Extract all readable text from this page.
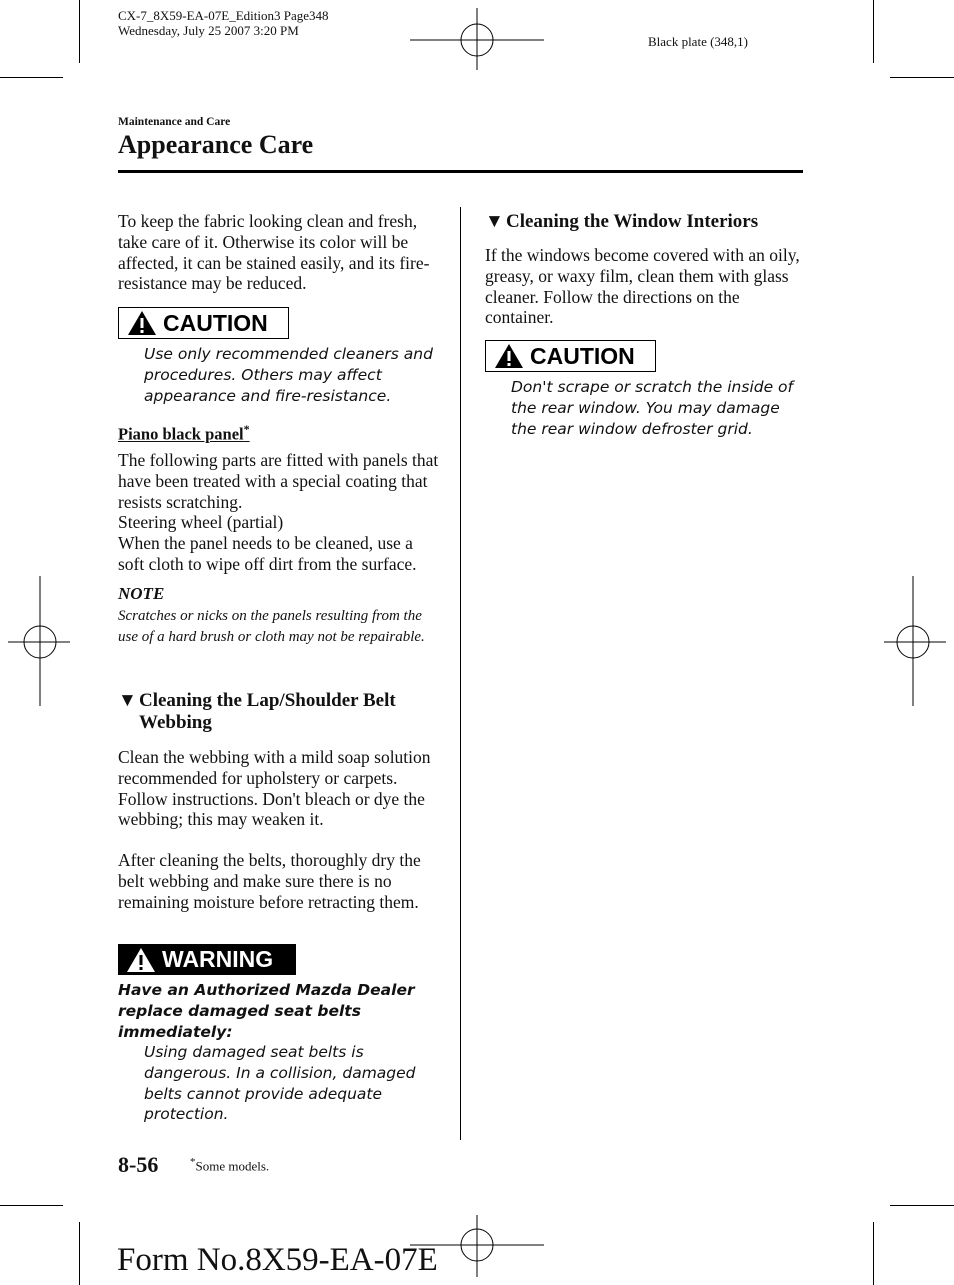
CX-7_8X59-EA-07E_Edition3 Page348
Wednesday, July 25 2007 3:20 PM
Black plate (348,1)
Maintenance and Care
Appearance Care
To keep the fabric looking clean and fresh, take care of it. Otherwise its color will be affected, it can be stained easily, and its fire-resistance may be reduced.
CAUTION
Use only recommended cleaners and procedures. Others may affect appearance and fire-resistance.
Piano black panel*

The following parts are fitted with panels that have been treated with a special coating that resists scratching.

Steering wheel (partial)

When the panel needs to be cleaned, use a soft cloth to wipe off dirt from the surface.

NOTE
Scratches or nicks on the panels resulting from the use of a hard brush or cloth may not be repairable.
▼ Cleaning the Lap/Shoulder Belt Webbing
Clean the webbing with a mild soap solution recommended for upholstery or carpets. Follow instructions. Don't bleach or dye the webbing; this may weaken it.
After cleaning the belts, thoroughly dry the belt webbing and make sure there is no remaining moisture before retracting them.
WARNING
Have an Authorized Mazda Dealer replace damaged seat belts immediately:
Using damaged seat belts is dangerous. In a collision, damaged belts cannot provide adequate protection.
▼ Cleaning the Window Interiors
If the windows become covered with an oily, greasy, or waxy film, clean them with glass cleaner. Follow the directions on the container.
CAUTION
Don't scrape or scratch the inside of the rear window. You may damage the rear window defroster grid.
8-56	*Some models.
Form No.8X59-EA-07E
